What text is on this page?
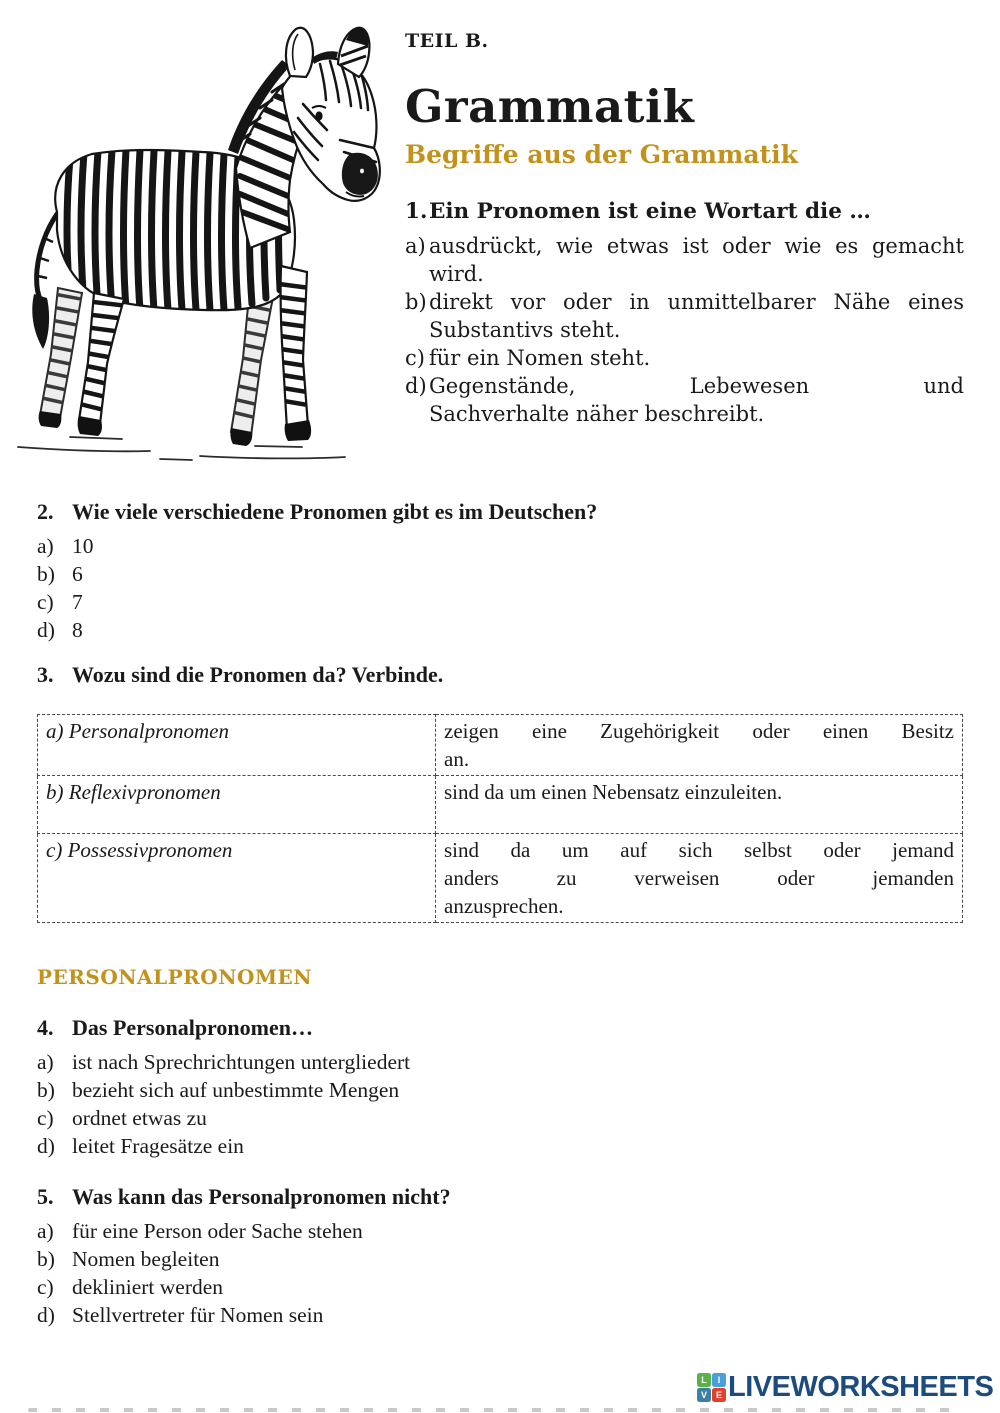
TEIL B.
Grammatik
Begriffe aus der Grammatik
1. Ein Pronomen ist eine Wortart die …
a) ausdrückt, wie etwas ist oder wie es gemacht
wird.
b) direkt vor oder in unmittelbarer Nähe eines
Substantivs steht.
c) für ein Nomen steht.
d) Gegenstände, Lebewesen und
Sachverhalte näher beschreibt.
2. Wie viele verschiedene Pronomen gibt es im Deutschen?
a) 10
b) 6
c) 7
d) 8
3. Wozu sind die Pronomen da? Verbinde.
a) Personalpronomen	zeigen eine Zugehörigkeit oder einen Besitz
an.

b) Reflexivpronomen	sind da um einen Nebensatz einzuleiten.

c) Possessivpronomen	sind da um auf sich selbst oder jemand
anders zu verweisen oder jemanden
anzusprechen.
PERSONALPRONOMEN
4. Das Personalpronomen…
a) ist nach Sprechrichtungen untergliedert
b) bezieht sich auf unbestimmte Mengen
c) ordnet etwas zu
d) leitet Fragesätze ein
5. Was kann das Personalpronomen nicht?
a) für eine Person oder Sache stehen
b) Nomen begleiten
c) dekliniert werden
d) Stellvertreter für Nomen sein
L	I
V E LIVEWORKSHEETS
